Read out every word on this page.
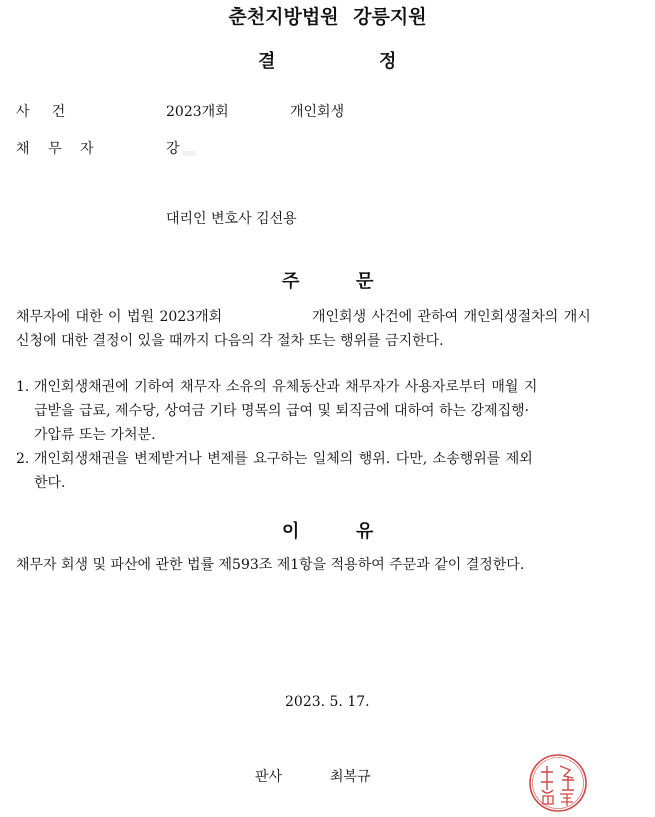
춘천지방법원 강릉지원
결	정
사     건	2023개회	개인회생
채 무 자	강
대리인 변호사 김선용
주	문
채무자에 대한 이 법원 2023개회	개인회생 사건에 관하여 개인회생절차의 개시
신청에 대한 결정이 있을 때까지 다음의 각 절차 또는 행위를 금지한다.
1. 개인회생채권에 기하여 채무자 소유의 유체동산과 채무자가 사용자로부터 매월 지
급받을 급료, 제수당, 상여금 기타 명목의 급여 및 퇴직금에 대하여 하는 강제집행·
가압류 또는 가처분.
2. 개인회생채권을 변제받거나 변제를 요구하는 일체의 행위. 다만, 소송행위를 제외
한다.
이	유
채무자 회생 및 파산에 관한 법률 제593조 제1항을 적용하여 주문과 같이 결정한다.
2023. 5. 17.
판사	최복규
